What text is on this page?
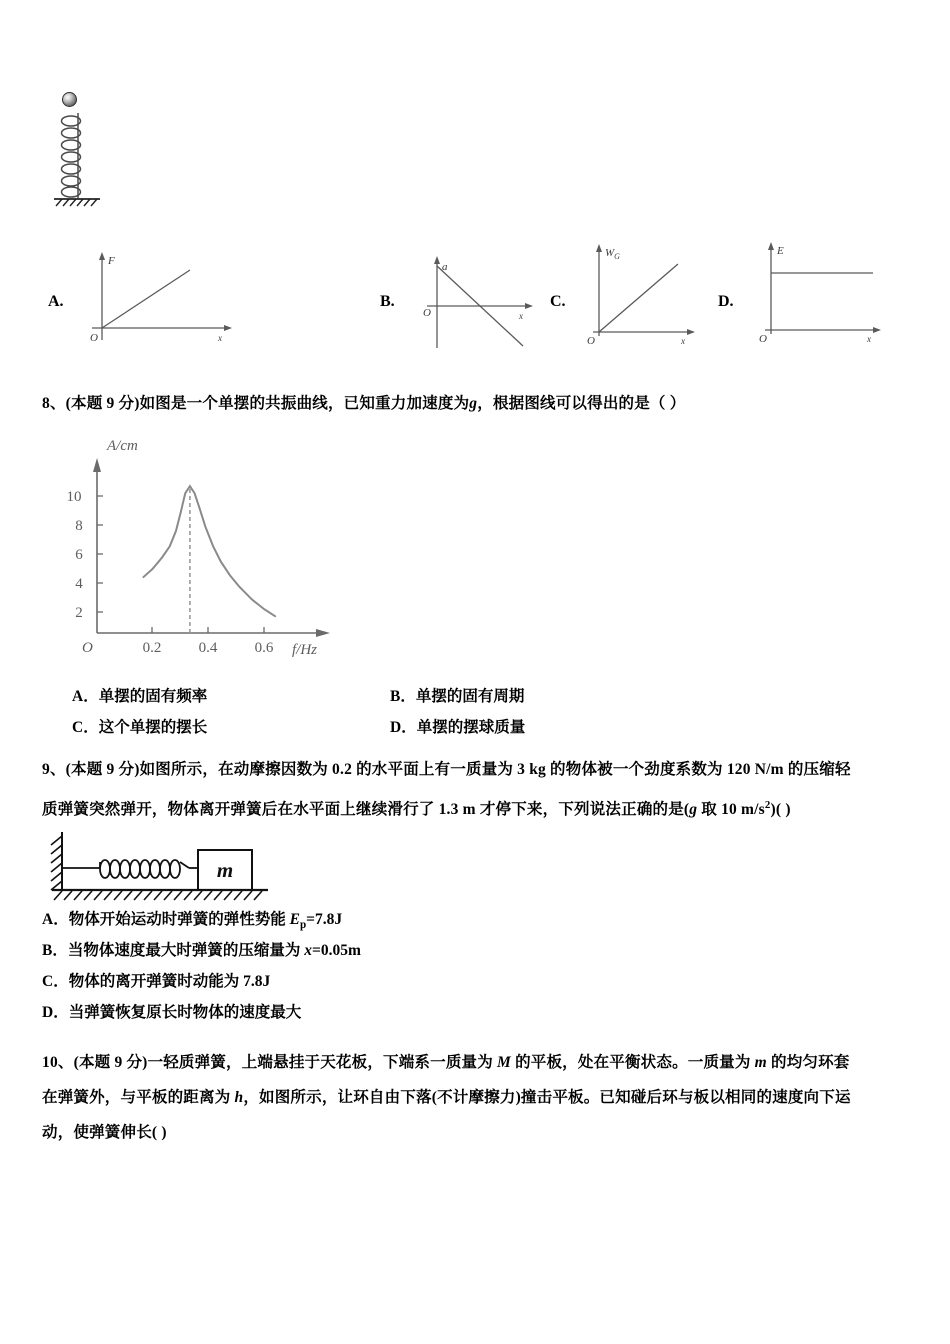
A.
F
x
O
B.
a
x
O
C.
$W_G$
x
O
D.
E
x
O
8、(本题 9 分)如图是一个单摆的共振曲线，已知重力加速度为g，根据图线可以得出的是（ ）
2
4
6
8
10
0.2 0.4 0.6
A/cm
f/Hz
O
A．单摆的固有频率	B．单摆的固有周期
C．这个单摆的摆长	D．单摆的摆球质量
9、(本题 9 分)如图所示，在动摩擦因数为 0.2 的水平面上有一质量为 3 kg 的物体被一个劲度系数为 120 N/m 的压缩轻
质弹簧突然弹开，物体离开弹簧后在水平面上继续滑行了 1.3 m 才停下来，下列说法正确的是(g 取 10 $m/s^2$)( )
m
A．物体开始运动时弹簧的弹性势能 $E_p=7.8J$
B．当物体速度最大时弹簧的压缩量为 x=0.05m
C．物体的离开弹簧时动能为 7.8J
D．当弹簧恢复原长时物体的速度最大
10、(本题 9 分)一轻质弹簧，上端悬挂于天花板，下端系一质量为 M 的平板，处在平衡状态。一质量为 m 的均匀环套
在弹簧外，与平板的距离为 h，如图所示，让环自由下落(不计摩擦力)撞击平板。已知碰后环与板以相同的速度向下运
动，使弹簧伸长( )
